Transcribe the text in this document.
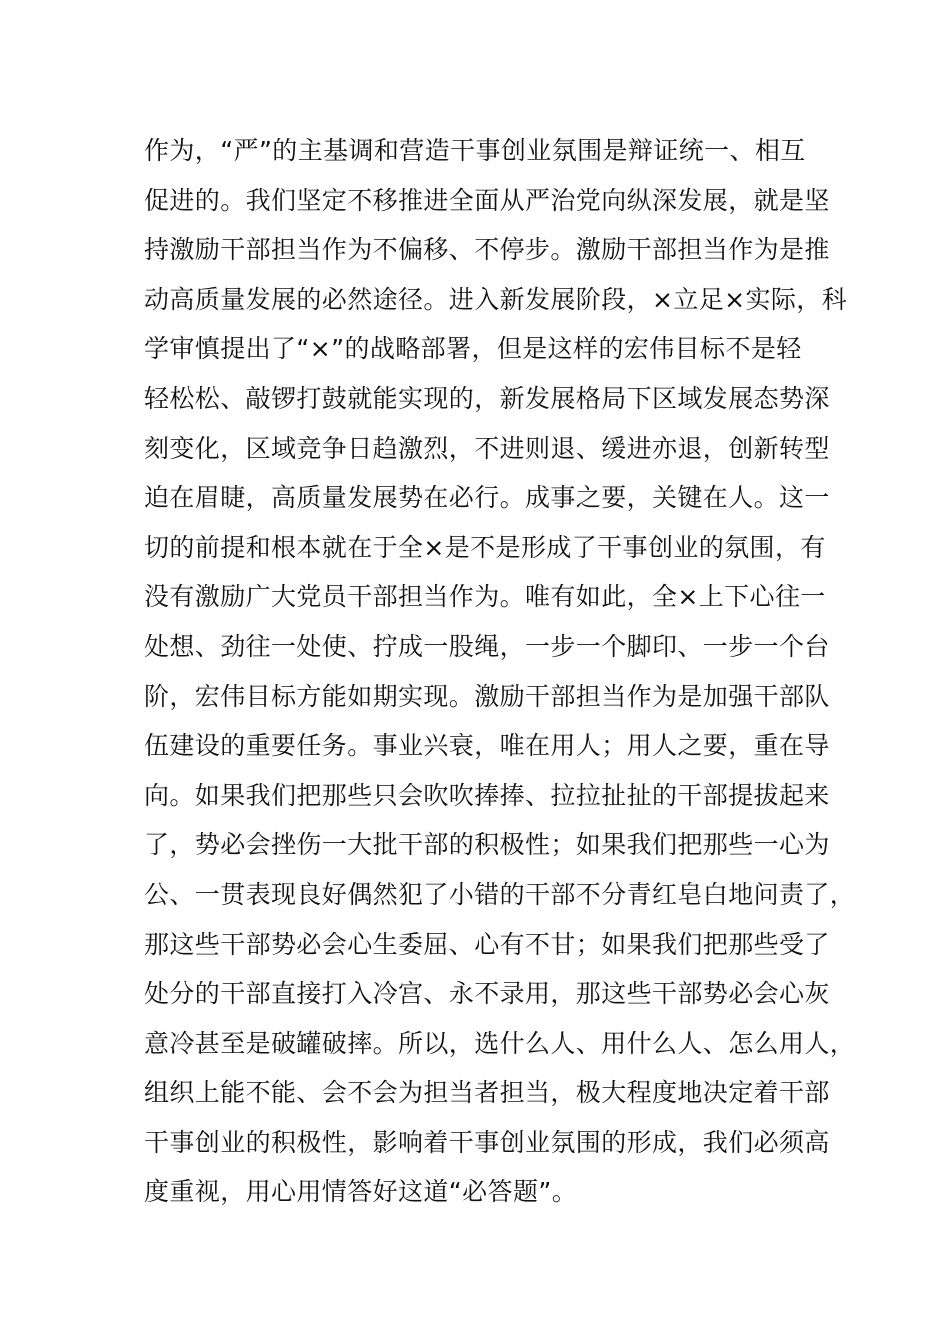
作为，“严”的主基调和营造干事创业氛围是辩证统一、相互
促进的。我们坚定不移推进全面从严治党向纵深发展，就是坚
持激励干部担当作为不偏移、不停步。激励干部担当作为是推
动高质量发展的必然途径。进入新发展阶段，×立足×实际，科
学审慎提出了“×”的战略部署，但是这样的宏伟目标不是轻
轻松松、敲锣打鼓就能实现的，新发展格局下区域发展态势深
刻变化，区域竞争日趋激烈，不进则退、缓进亦退，创新转型
迫在眉睫，高质量发展势在必行。成事之要，关键在人。这一
切的前提和根本就在于全×是不是形成了干事创业的氛围，有
没有激励广大党员干部担当作为。唯有如此，全×上下心往一
处想、劲往一处使、拧成一股绳，一步一个脚印、一步一个台
阶，宏伟目标方能如期实现。激励干部担当作为是加强干部队
伍建设的重要任务。事业兴衰，唯在用人；用人之要，重在导
向。如果我们把那些只会吹吹捧捧、拉拉扯扯的干部提拔起来
了，势必会挫伤一大批干部的积极性；如果我们把那些一心为
公、一贯表现良好偶然犯了小错的干部不分青红皂白地问责了，
那这些干部势必会心生委屈、心有不甘；如果我们把那些受了
处分的干部直接打入冷宫、永不录用，那这些干部势必会心灰
意冷甚至是破罐破摔。所以，选什么人、用什么人、怎么用人，
组织上能不能、会不会为担当者担当，极大程度地决定着干部
干事创业的积极性，影响着干事创业氛围的形成，我们必须高
度重视，用心用情答好这道“必答题”。
